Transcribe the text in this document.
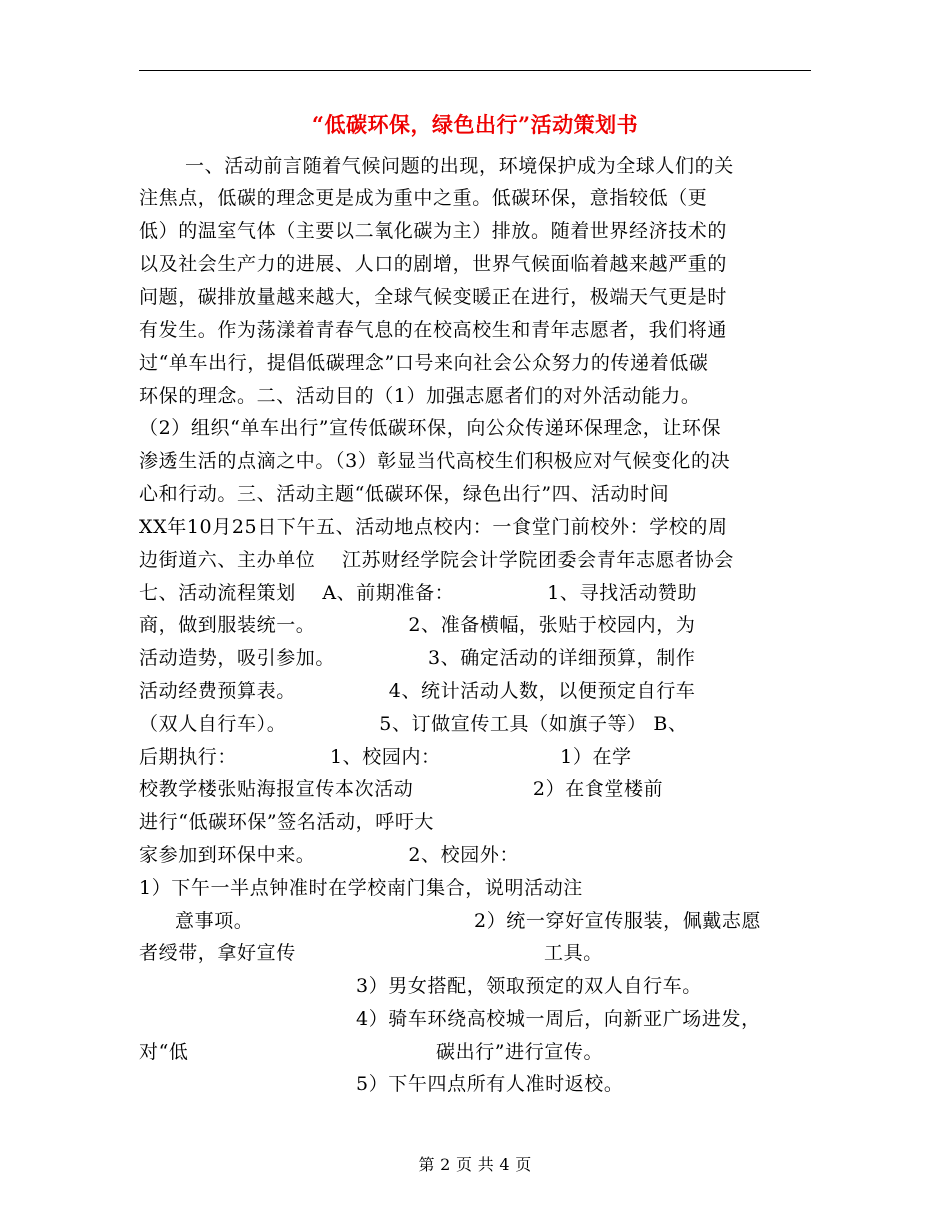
“低碳环保，绿色出行”活动策划书
一、活动前言随着气候问题的出现，环境保护成为全球人们的关
注焦点，低碳的理念更是成为重中之重。低碳环保，意指较低（更
低）的温室气体（主要以二氧化碳为主）排放。随着世界经济技术的
以及社会生产力的进展、人口的剧增，世界气候面临着越来越严重的
问题，碳排放量越来越大，全球气候变暖正在进行，极端天气更是时
有发生。作为荡漾着青春气息的在校高校生和青年志愿者，我们将通
过“单车出行，提倡低碳理念”口号来向社会公众努力的传递着低碳
环保的理念。二、活动目的（1）加强志愿者们的对外活动能力。
（2）组织“单车出行”宣传低碳环保，向公众传递环保理念，让环保
渗透生活的点滴之中。（3）彰显当代高校生们积极应对气候变化的决
心和行动。三、活动主题“低碳环保，绿色出行”四、活动时间
XX年10月25日下午五、活动地点校内：一食堂门前校外：学校的周
边街道六、主办单位    江苏财经学院会计学院团委会青年志愿者协会
七、活动流程策划    A、前期准备：              1、寻找活动赞助
商，做到服装统一。              2、准备横幅，张贴于校园内，为
活动造势，吸引参加。              3、确定活动的详细预算，制作
活动经费预算表。              4、统计活动人数，以便预定自行车
（双人自行车）。              5、订做宣传工具（如旗子等） B、
后期执行：              1、校园内：                  1）在学
校教学楼张贴海报宣传本次活动                  2）在食堂楼前
进行“低碳环保”签名活动，呼吁大
家参加到环保中来。              2、校园外：
1）下午一半点钟准时在学校南门集合，说明活动注
意事项。	2）统一穿好宣传服装，佩戴志愿
者绶带，拿好宣传	工具。
3）男女搭配，领取预定的双人自行车。
4）骑车环绕高校城一周后，向新亚广场进发，
对“低	碳出行”进行宣传。
5）下午四点所有人准时返校。
第 2 页 共 4 页
